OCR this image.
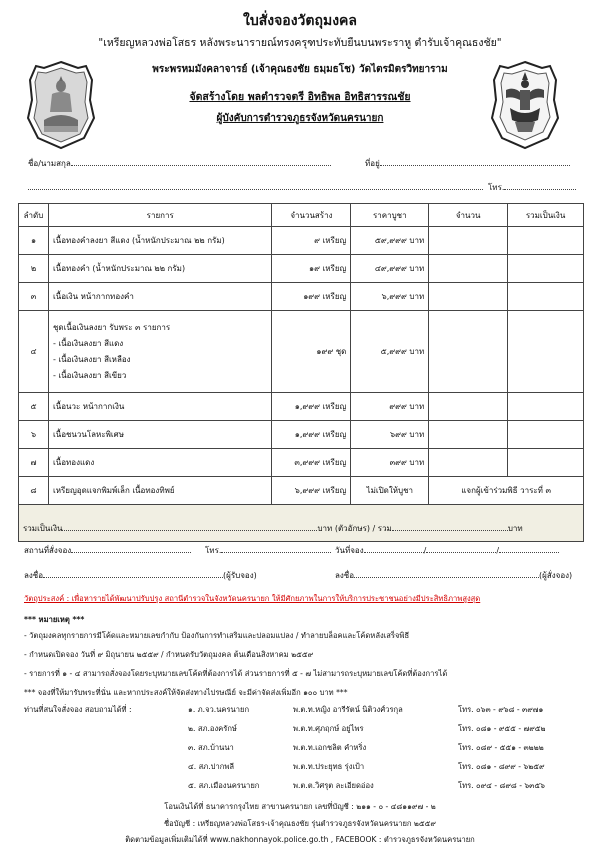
ใบสั่งจองวัตถุมงคล
"เหรียญหลวงพ่อโสธร หลังพระนารายณ์ทรงครุฑประทับยืนบนพระราหู ตำรับเจ้าคุณธงชัย"
พระพรหมมังคลาจารย์ (เจ้าคุณธงชัย ธมฺมธโช) วัดไตรมิตรวิทยาราม
จัดสร้างโดย พลตำรวจตรี อิทธิพล อิทธิสารรณชัย
ผู้บังคับการตำรวจภูธรจังหวัดนครนายก
ชื่อ/นามสกุล	ที่อยู่
โทร.
ลำดับ	รายการ	จำนวนสร้าง	ราคาบูชา	จำนวน	รวมเป็นเงิน
๑	เนื้อทองคำลงยา สีแดง (น้ำหนักประมาณ ๒๒ กรัม)	๙ เหรียญ	๕๙,๙๙๙ บาท		
๒	เนื้อทองคำ (น้ำหนักประมาณ ๒๒ กรัม)	๑๙ เหรียญ	๔๙,๙๙๙ บาท		
๓	เนื้อเงิน หน้ากากทองคำ	๑๙๙ เหรียญ	๖,๙๙๙ บาท		
๔	ชุดเนื้อเงินลงยา รับพระ ๓ รายการ
- เนื้อเงินลงยา สีแดง
- เนื้อเงินลงยา สีเหลือง
- เนื้อเงินลงยา สีเขียว	๑๙๙ ชุด	๕,๙๙๙ บาท		
๕	เนื้อนวะ หน้ากากเงิน	๑,๙๙๙ เหรียญ	๙๙๙ บาท		
๖	เนื้อชนวนโลหะพิเศษ	๑,๙๙๙ เหรียญ	๖๙๙ บาท		
๗	เนื้อทองแดง	๓,๙๙๙ เหรียญ	๓๙๙ บาท		
๘	เหรียญอุดแจกพิมพ์เล็ก เนื้อทองทิพย์	๖,๙๙๙ เหรียญ	ไม่เปิดให้บูชา	แจกผู้เข้าร่วมพิธี วาระที่ ๓	
รวมเป็นเงิน บาท (ตัวอักษร) / รวม บาท					
สถานที่สั่งจอง	โทร.	วันที่จอง	/	/
ลงชื่อ	(ผู้รับจอง)	ลงชื่อ	(ผู้สั่งจอง)
วัตถุประสงค์ : เพื่อหารายได้พัฒนาปรับปรุง สถานีตำรวจในจังหวัดนครนายก ให้มีศักยภาพในการให้บริการประชาชนอย่างมีประสิทธิภาพสูงสุด
*** หมายเหตุ ***
- วัตถุมงคลทุกรายการมีโค้ดและหมายเลขกำกับ ป้องกันการทำเสริมและปลอมแปลง / ทำลายบล็อคและโค้ดหลังเสร็จพิธี
- กำหนดเปิดจอง วันที่ ๙ มิถุนายน ๒๕๕๙ / กำหนดรับวัตถุมงคล ต้นเดือนสิงหาคม ๒๕๕๙
- รายการที่ ๑ - ๔ สามารถสั่งจองโดยระบุหมายเลขโค้ดที่ต้องการได้ ส่วนรายการที่ ๕ - ๗ ไม่สามารถระบุหมายเลขโค้ดที่ต้องการได้
*** จองที่ให้มารับพระที่นั่น และหากประสงค์ให้จัดส่งทางไปรษณีย์ จะมีค่าจัดส่งเพิ่มอีก ๑๐๐ บาท ***
ท่านที่สนใจสั่งจอง สอบถามได้ที่ :	๑. ภ.จว.นครนายก	พ.ต.ท.หญิง อารีรัตน์ นิติวงศ์วรกุล	โทร. ๐๖๓ - ๙๖๘ - ๓๙๗๑
๒. สภ.องครักษ์	พ.ต.ท.ศุภฤกษ์ อยู่ไพร	โทร. ๐๘๑ - ๙๕๕ - ๗๙๕๒
๓. สภ.บ้านนา	พ.ต.ท.เอกชลิต คำหริ่ง	โทร. ๐๘๙ - ๕๕๑ - ๓๒๒๒
๔. สภ.ปากพลี	พ.ต.ท.ประยุทธ รุ่งเป้า	โทร. ๐๘๑ - ๘๙๙ - ๖๒๕๙
๕. สภ.เมืองนครนายก	พ.ต.ต.วิศรุต ละเอียดอ่อง	โทร. ๐๙๔ - ๘๙๘ - ๖๓๕๖
โอนเงินได้ที่ ธนาคารกรุงไทย สาขานครนายก เลขที่บัญชี : ๒๑๑ - ๐ - ๔๘๑๑๙๗ - ๒
ชื่อบัญชี : เหรียญหลวงพ่อโสธร-เจ้าคุณธงชัย รุ่นตำรวจภูธรจังหวัดนครนายก ๒๕๕๙
ติดตามข้อมูลเพิ่มเติมได้ที่ www.nakhonnayok.police.go.th , FACEBOOK : ตำรวจภูธรจังหวัดนครนายก
